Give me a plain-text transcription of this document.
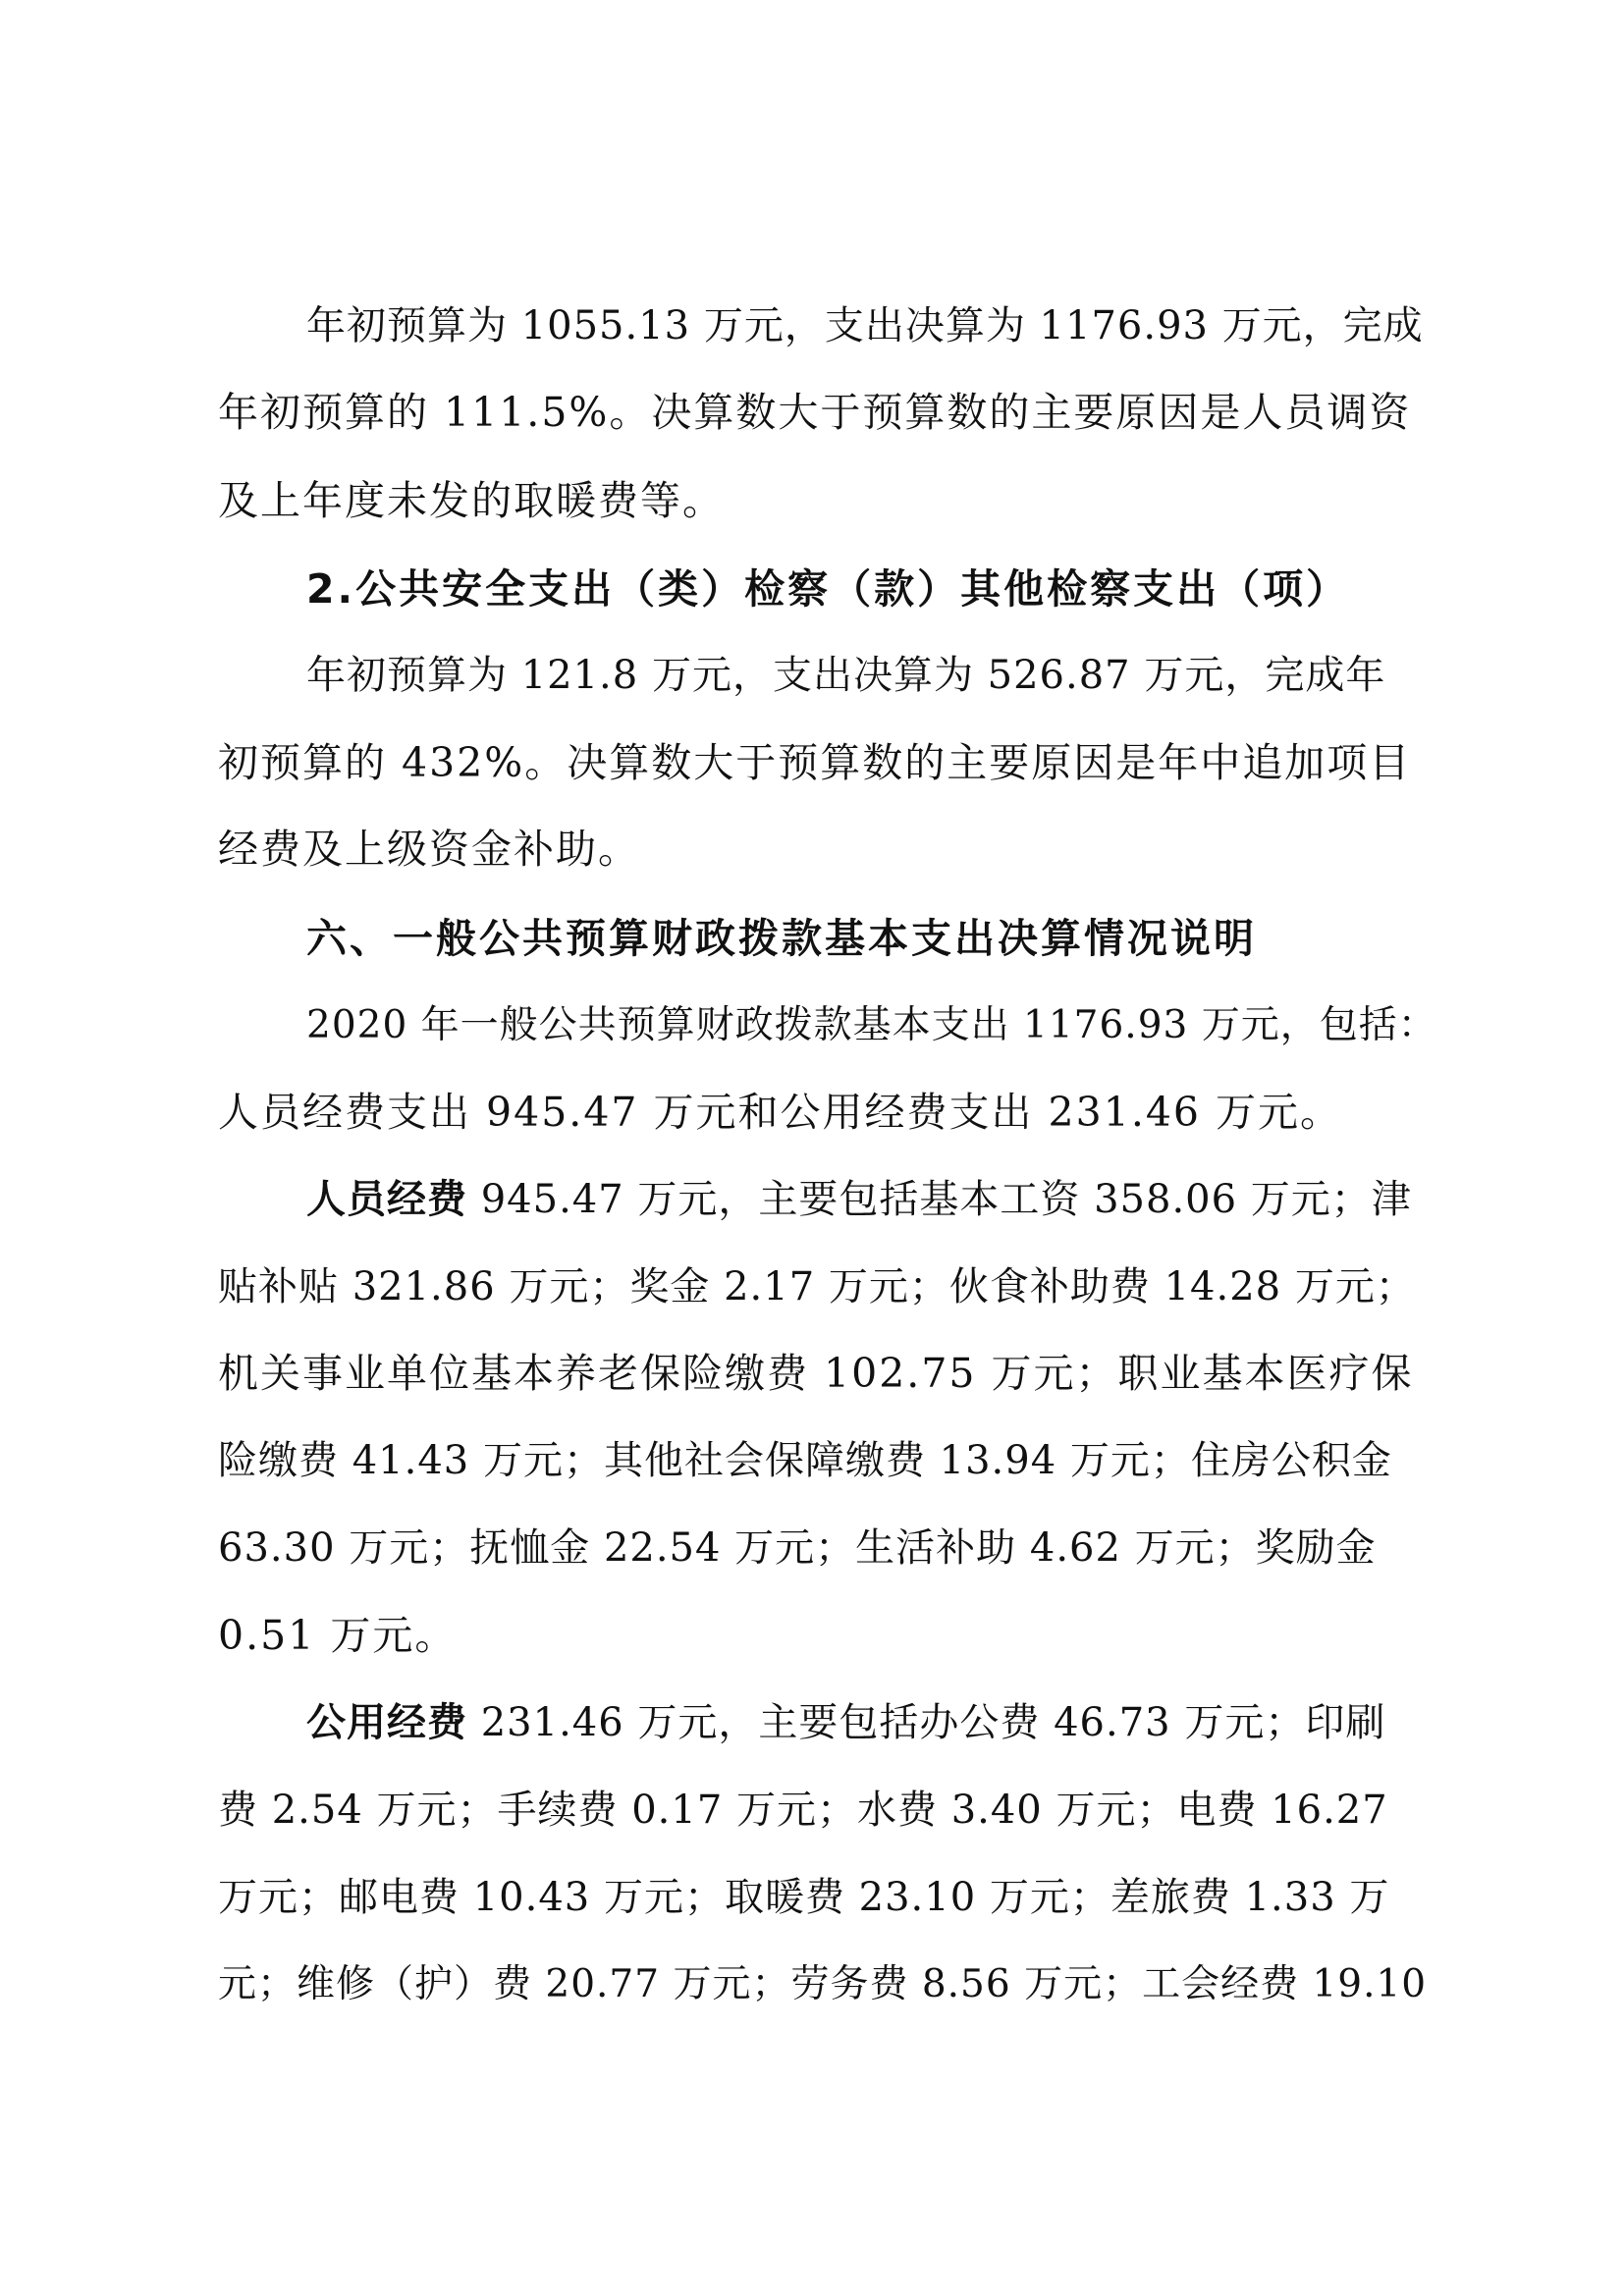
年初预算为 1055.13 万元，支出决算为 1176.93 万元，完成
年初预算的 111.5%。决算数大于预算数的主要原因是人员调资
及上年度未发的取暖费等。
2.公共安全支出（类）检察（款）其他检察支出（项）
年初预算为 121.8 万元，支出决算为 526.87 万元，完成年
初预算的 432%。决算数大于预算数的主要原因是年中追加项目
经费及上级资金补助。
六、一般公共预算财政拨款基本支出决算情况说明
2020 年一般公共预算财政拨款基本支出 1176.93 万元，包括：
人员经费支出 945.47 万元和公用经费支出 231.46 万元。
人员经费 945.47 万元，主要包括基本工资 358.06 万元；津
贴补贴 321.86 万元；奖金 2.17 万元；伙食补助费 14.28 万元；
机关事业单位基本养老保险缴费 102.75 万元；职业基本医疗保
险缴费 41.43 万元；其他社会保障缴费 13.94 万元；住房公积金
63.30 万元；抚恤金 22.54 万元；生活补助 4.62 万元；奖励金
0.51 万元。
公用经费 231.46 万元，主要包括办公费 46.73 万元；印刷
费 2.54 万元；手续费 0.17 万元；水费 3.40 万元；电费 16.27
万元；邮电费 10.43 万元；取暖费 23.10 万元；差旅费 1.33 万
元；维修（护）费 20.77 万元；劳务费 8.56 万元；工会经费 19.10
